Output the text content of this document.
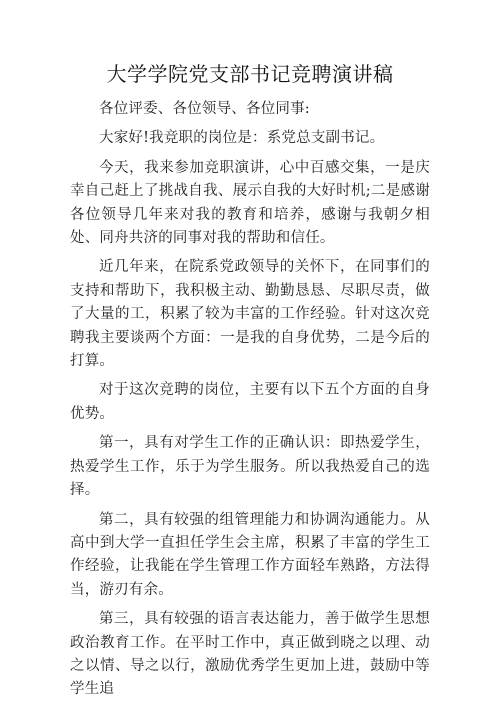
大学学院党支部书记竞聘演讲稿

各位评委、各位领导、各位同事:

大家好!我竞职的岗位是：系党总支副书记。

今天，我来参加竞职演讲，心中百感交集，一是庆幸自己赶上了挑战自我、展示自我的大好时机;二是感谢各位领导几年来对我的教育和培养，感谢与我朝夕相处、同舟共济的同事对我的帮助和信任。

近几年来，在院系党政领导的关怀下，在同事们的支持和帮助下，我积极主动、勤勤恳恳、尽职尽责，做了大量的工，积累了较为丰富的工作经验。针对这次竞聘我主要谈两个方面：一是我的自身优势，二是今后的打算。

对于这次竞聘的岗位，主要有以下五个方面的自身优势。

第一，具有对学生工作的正确认识：即热爱学生，热爱学生工作，乐于为学生服务。所以我热爱自己的选择。

第二，具有较强的组管理能力和协调沟通能力。从高中到大学一直担任学生会主席，积累了丰富的学生工作经验，让我能在学生管理工作方面轻车熟路，方法得当，游刃有余。

第三，具有较强的语言表达能力，善于做学生思想政治教育工作。在平时工作中，真正做到晓之以理、动之以情、导之以行，激励优秀学生更加上进，鼓励中等学生追
